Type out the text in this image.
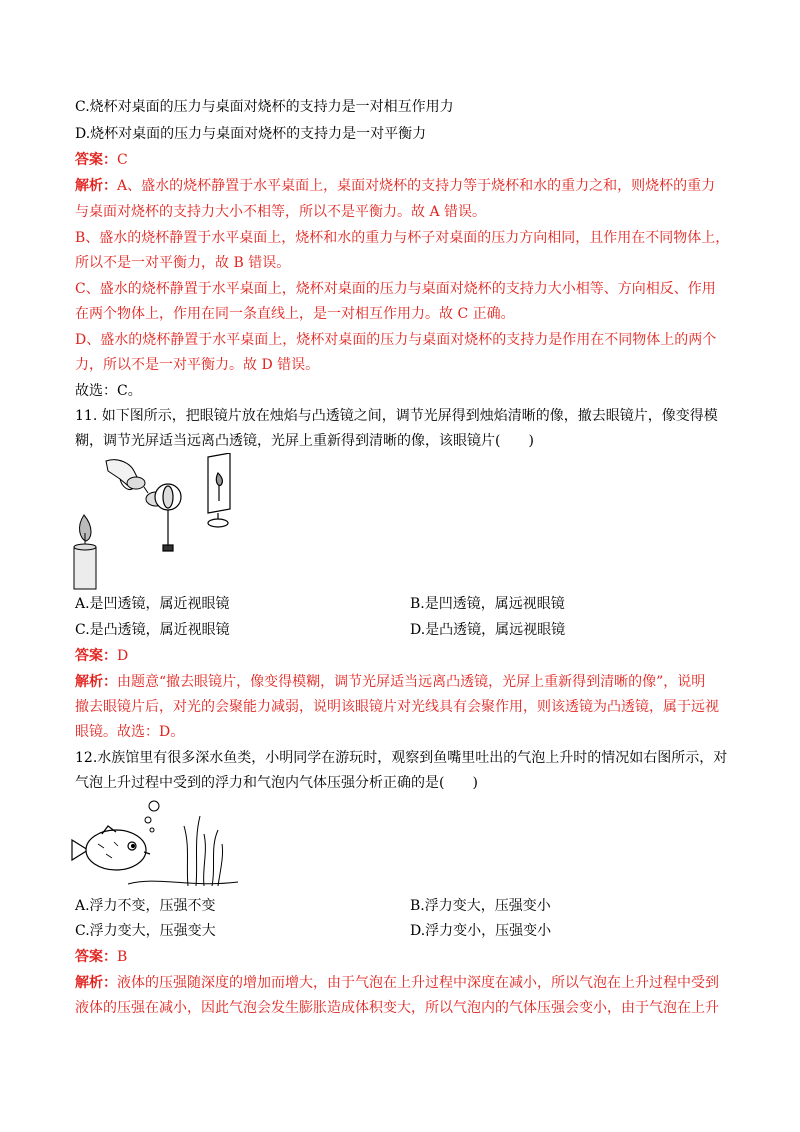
C.烧杯对桌面的压力与桌面对烧杯的支持力是一对相互作用力
D.烧杯对桌面的压力与桌面对烧杯的支持力是一对平衡力
答案：C
解析：A、盛水的烧杯静置于水平桌面上，桌面对烧杯的支持力等于烧杯和水的重力之和，则烧杯的重力
与桌面对烧杯的支持力大小不相等，所以不是平衡力。故 A 错误。
B、盛水的烧杯静置于水平桌面上，烧杯和水的重力与杯子对桌面的压力方向相同，且作用在不同物体上，
所以不是一对平衡力，故 B 错误。
C、盛水的烧杯静置于水平桌面上，烧杯对桌面的压力与桌面对烧杯的支持力大小相等、方向相反、作用
在两个物体上，作用在同一条直线上，是一对相互作用力。故 C 正确。
D、盛水的烧杯静置于水平桌面上，烧杯对桌面的压力与桌面对烧杯的支持力是作用在不同物体上的两个
力，所以不是一对平衡力。故 D 错误。
故选：C。
11. 如下图所示，把眼镜片放在烛焰与凸透镜之间，调节光屏得到烛焰清晰的像，撤去眼镜片，像变得模
糊，调节光屏适当远离凸透镜，光屏上重新得到清晰的像，该眼镜片(　　)
A.是凹透镜，属近视眼镜	B.是凹透镜，属远视眼镜
C.是凸透镜，属近视眼镜	D.是凸透镜，属远视眼镜
答案：D
解析：由题意“撤去眼镜片，像变得模糊，调节光屏适当远离凸透镜，光屏上重新得到清晰的像”，说明
撤去眼镜片后，对光的会聚能力减弱，说明该眼镜片对光线具有会聚作用，则该透镜为凸透镜，属于远视
眼镜。故选：D。
12.水族馆里有很多深水鱼类，小明同学在游玩时，观察到鱼嘴里吐出的气泡上升时的情况如右图所示，对
气泡上升过程中受到的浮力和气泡内气体压强分析正确的是(　　)
A.浮力不变，压强不变	B.浮力变大，压强变小
C.浮力变大，压强变大	D.浮力变小，压强变小
答案：B
解析：液体的压强随深度的增加而增大，由于气泡在上升过程中深度在减小，所以气泡在上升过程中受到
液体的压强在减小，因此气泡会发生膨胀造成体积变大，所以气泡内的气体压强会变小，由于气泡在上升
